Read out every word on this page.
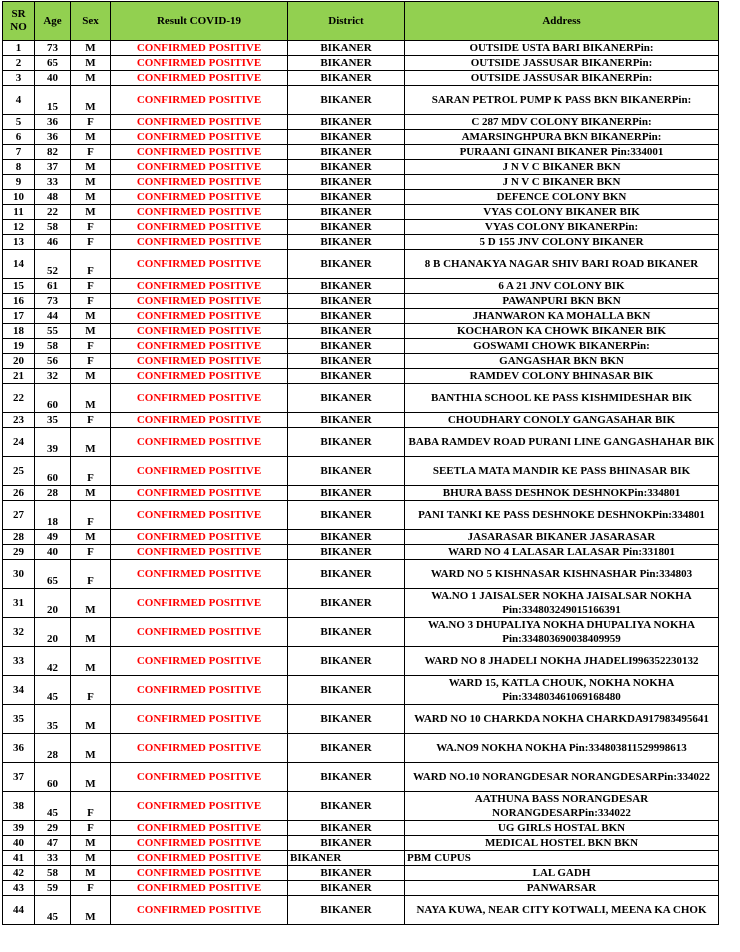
SR NO	Age	Sex	Result COVID-19	District	Address
1	73	M	CONFIRMED POSITIVE	BIKANER	OUTSIDE USTA BARI BIKANERPin:
2	65	M	CONFIRMED POSITIVE	BIKANER	OUTSIDE JASSUSAR BIKANERPin:
3	40	M	CONFIRMED POSITIVE	BIKANER	OUTSIDE JASSUSAR BIKANERPin:
4	15	M	CONFIRMED POSITIVE	BIKANER	SARAN PETROL PUMP K PASS BKN BIKANERPin:
5	36	F	CONFIRMED POSITIVE	BIKANER	C 287 MDV COLONY BIKANERPin:
6	36	M	CONFIRMED POSITIVE	BIKANER	AMARSINGHPURA BKN BIKANERPin:
7	82	F	CONFIRMED POSITIVE	BIKANER	PURAANI GINANI BIKANER Pin:334001
8	37	M	CONFIRMED POSITIVE	BIKANER	J N V C BIKANER BKN
9	33	M	CONFIRMED POSITIVE	BIKANER	J N V C BIKANER BKN
10	48	M	CONFIRMED POSITIVE	BIKANER	DEFENCE COLONY BKN
11	22	M	CONFIRMED POSITIVE	BIKANER	VYAS COLONY BIKANER BIK
12	58	F	CONFIRMED POSITIVE	BIKANER	VYAS COLONY BIKANERPin:
13	46	F	CONFIRMED POSITIVE	BIKANER	5 D 155 JNV COLONY BIKANER
14	52	F	CONFIRMED POSITIVE	BIKANER	8 B CHANAKYA NAGAR SHIV BARI ROAD BIKANER
15	61	F	CONFIRMED POSITIVE	BIKANER	6 A 21 JNV COLONY BIK
16	73	F	CONFIRMED POSITIVE	BIKANER	PAWANPURI BKN BKN
17	44	M	CONFIRMED POSITIVE	BIKANER	JHANWARON KA MOHALLA BKN
18	55	M	CONFIRMED POSITIVE	BIKANER	KOCHARON KA CHOWK BIKANER BIK
19	58	F	CONFIRMED POSITIVE	BIKANER	GOSWAMI CHOWK BIKANERPin:
20	56	F	CONFIRMED POSITIVE	BIKANER	GANGASHAR BKN BKN
21	32	M	CONFIRMED POSITIVE	BIKANER	RAMDEV COLONY BHINASAR BIK
22	60	M	CONFIRMED POSITIVE	BIKANER	BANTHIA SCHOOL KE PASS KISHMIDESHAR BIK
23	35	F	CONFIRMED POSITIVE	BIKANER	CHOUDHARY CONOLY GANGASAHAR BIK
24	39	M	CONFIRMED POSITIVE	BIKANER	BABA RAMDEV ROAD PURANI LINE GANGASHAHAR BIK
25	60	F	CONFIRMED POSITIVE	BIKANER	SEETLA MATA MANDIR KE PASS BHINASAR BIK
26	28	M	CONFIRMED POSITIVE	BIKANER	BHURA BASS DESHNOK DESHNOKPin:334801
27	18	F	CONFIRMED POSITIVE	BIKANER	PANI TANKI KE PASS DESHNOKE DESHNOKPin:334801
28	49	M	CONFIRMED POSITIVE	BIKANER	JASARASAR BIKANER JASARASAR
29	40	F	CONFIRMED POSITIVE	BIKANER	WARD NO 4 LALASAR LALASAR Pin:331801
30	65	F	CONFIRMED POSITIVE	BIKANER	WARD NO 5 KISHNASAR KISHNASHAR Pin:334803
31	20	M	CONFIRMED POSITIVE	BIKANER	WA.NO 1 JAISALSER NOKHA JAISALSAR NOKHA Pin:334803249015166391
32	20	M	CONFIRMED POSITIVE	BIKANER	WA.NO 3 DHUPALIYA NOKHA DHUPALIYA NOKHA Pin:334803690038409959
33	42	M	CONFIRMED POSITIVE	BIKANER	WARD NO 8 JHADELI NOKHA JHADELI996352230132
34	45	F	CONFIRMED POSITIVE	BIKANER	WARD 15, KATLA CHOUK, NOKHA NOKHA Pin:334803461069168480
35	35	M	CONFIRMED POSITIVE	BIKANER	WARD NO 10 CHARKDA NOKHA CHARKDA917983495641
36	28	M	CONFIRMED POSITIVE	BIKANER	WA.NO9 NOKHA NOKHA Pin:334803811529998613
37	60	M	CONFIRMED POSITIVE	BIKANER	WARD NO.10 NORANGDESAR NORANGDESARPin:334022
38	45	F	CONFIRMED POSITIVE	BIKANER	AATHUNA BASS NORANGDESAR NORANGDESARPin:334022
39	29	F	CONFIRMED POSITIVE	BIKANER	UG GIRLS HOSTAL BKN
40	47	M	CONFIRMED POSITIVE	BIKANER	MEDICAL HOSTEL BKN BKN
41	33	M	CONFIRMED POSITIVE	BIKANER	PBM CUPUS
42	58	M	CONFIRMED POSITIVE	BIKANER	LAL GADH
43	59	F	CONFIRMED POSITIVE	BIKANER	PANWARSAR
44	45	M	CONFIRMED POSITIVE	BIKANER	NAYA KUWA, NEAR CITY KOTWALI, MEENA KA CHOK
